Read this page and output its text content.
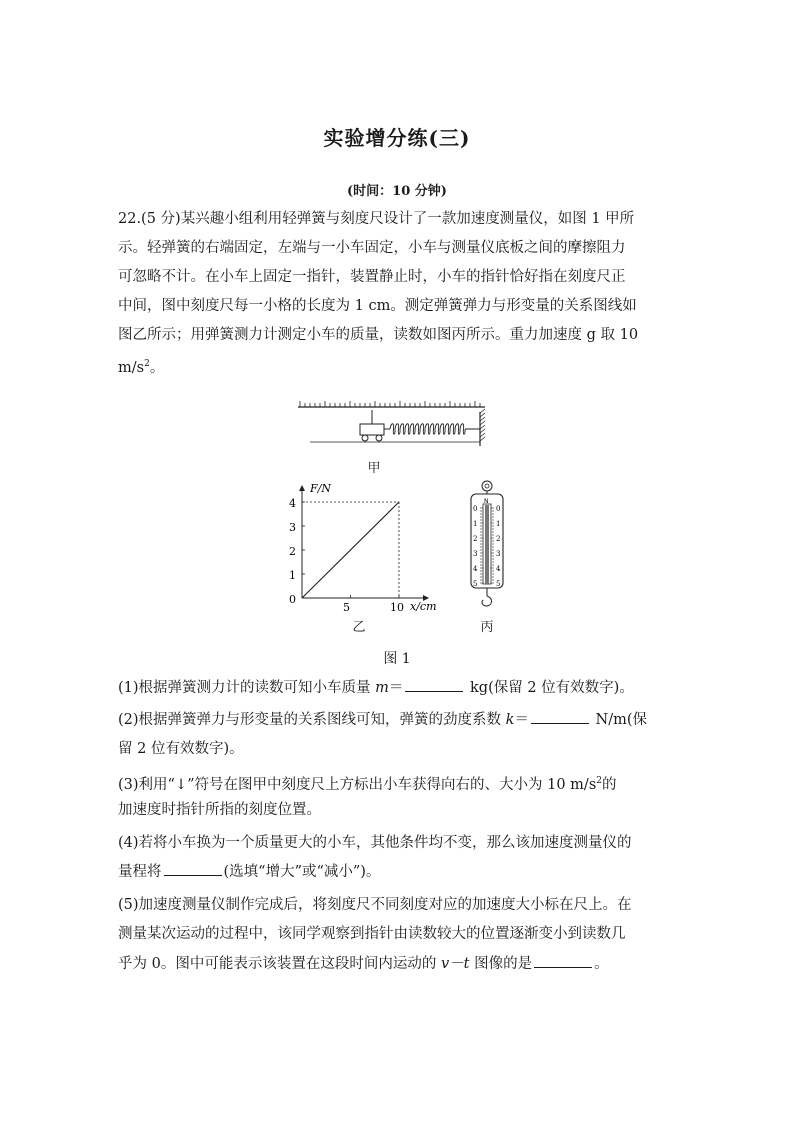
实验增分练(三)
(时间：10 分钟)
22.(5 分)某兴趣小组利用轻弹簧与刻度尺设计了一款加速度测量仪，如图 1 甲所
示。轻弹簧的右端固定，左端与一小车固定，小车与测量仪底板之间的摩擦阻力
可忽略不计。在小车上固定一指针，装置静止时，小车的指针恰好指在刻度尺正
中间，图中刻度尺每一小格的长度为 1 cm。测定弹簧弹力与形变量的关系图线如
图乙所示；用弹簧测力计测定小车的质量，读数如图丙所示。重力加速度 g 取 10
$m/s^2$。
甲
F/N
x/cm
4
3
2
1
0
5	10
乙
N
0
1
2
3
4
5
0
1
2
3
4
5
丙
图 1
(1)根据弹簧测力计的读数可知小车质量 m＝	kg(保留 2 位有效数字)。
(2)根据弹簧弹力与形变量的关系图线可知，弹簧的劲度系数 k＝	N/m(保
留 2 位有效数字)。
(3)利用“↓”符号在图甲中刻度尺上方标出小车获得向右的、大小为 10 $m/s^2$的
加速度时指针所指的刻度位置。
(4)若将小车换为一个质量更大的小车，其他条件均不变，那么该加速度测量仪的
量程将	(选填“增大”或“减小”)。
(5)加速度测量仪制作完成后，将刻度尺不同刻度对应的加速度大小标在尺上。在
测量某次运动的过程中，该同学观察到指针由读数较大的位置逐渐变小到读数几
乎为 0。图中可能表示该装置在这段时间内运动的 v－t 图像的是	。
